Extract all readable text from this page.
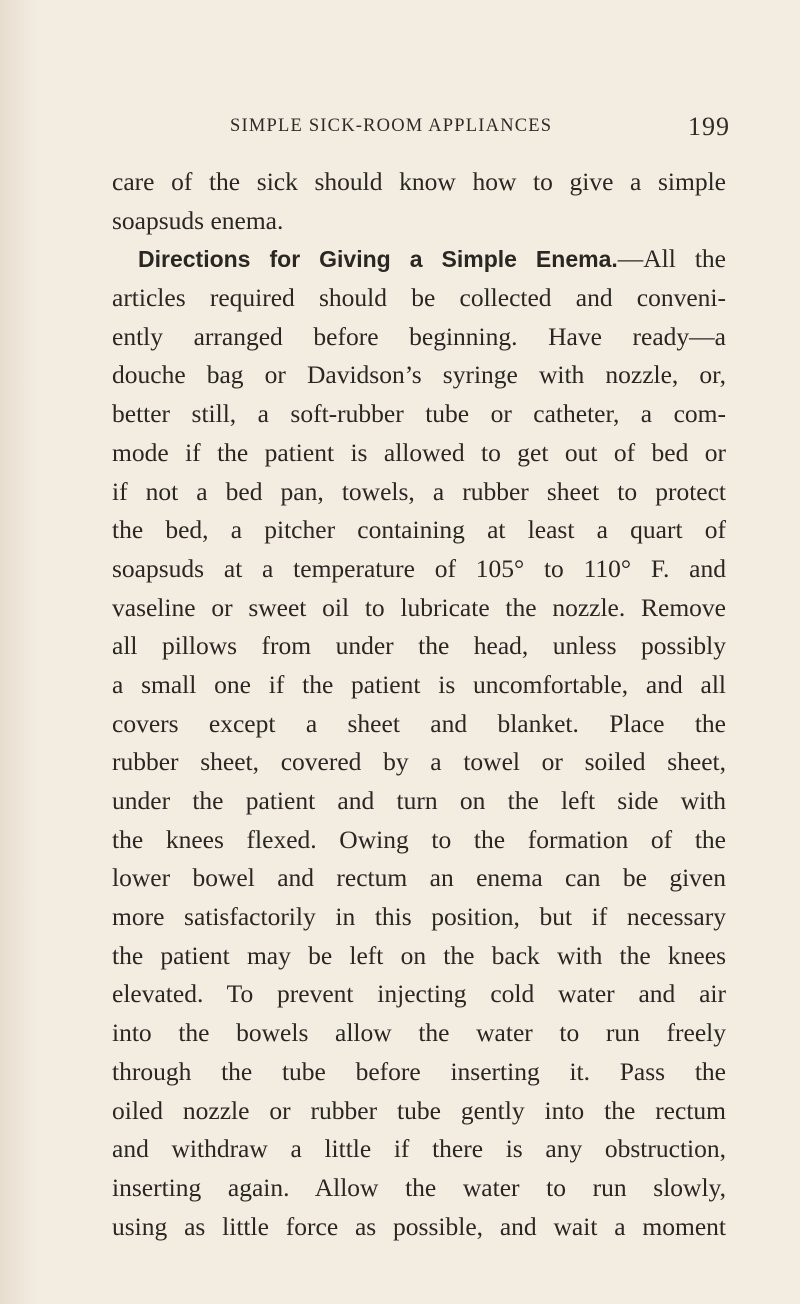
SIMPLE SICK-ROOM APPLIANCES	199
care of the sick should know how to give a simple
soapsuds enema.
Directions for Giving a Simple Enema.—All the
articles required should be collected and conveni-
ently arranged before beginning. Have ready—a
douche bag or Davidson’s syringe with nozzle, or,
better still, a soft-rubber tube or catheter, a com-
mode if the patient is allowed to get out of bed or
if not a bed pan, towels, a rubber sheet to protect
the bed, a pitcher containing at least a quart of
soapsuds at a temperature of 105° to 110° F. and
vaseline or sweet oil to lubricate the nozzle. Remove
all pillows from under the head, unless possibly
a small one if the patient is uncomfortable, and all
covers except a sheet and blanket. Place the
rubber sheet, covered by a towel or soiled sheet,
under the patient and turn on the left side with
the knees flexed. Owing to the formation of the
lower bowel and rectum an enema can be given
more satisfactorily in this position, but if necessary
the patient may be left on the back with the knees
elevated. To prevent injecting cold water and air
into the bowels allow the water to run freely
through the tube before inserting it. Pass the
oiled nozzle or rubber tube gently into the rectum
and withdraw a little if there is any obstruction,
inserting again. Allow the water to run slowly,
using as little force as possible, and wait a moment
